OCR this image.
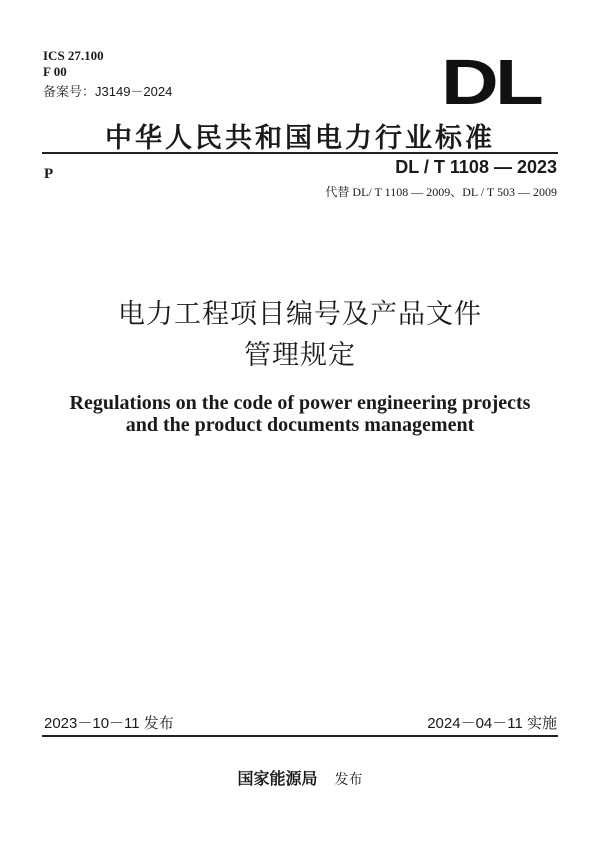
ICS 27.100
F 00
备案号：J3149－2024	DL
中华人民共和国电力行业标准
P	DL / T 1108 — 2023
代替 DL/ T 1108 — 2009、DL / T 503 — 2009
电力工程项目编号及产品文件
管理规定
Regulations on the code of power engineering projects
and the product documents management
2023－10－11 发布	2024－04－11 实施
国家能源局 发布
